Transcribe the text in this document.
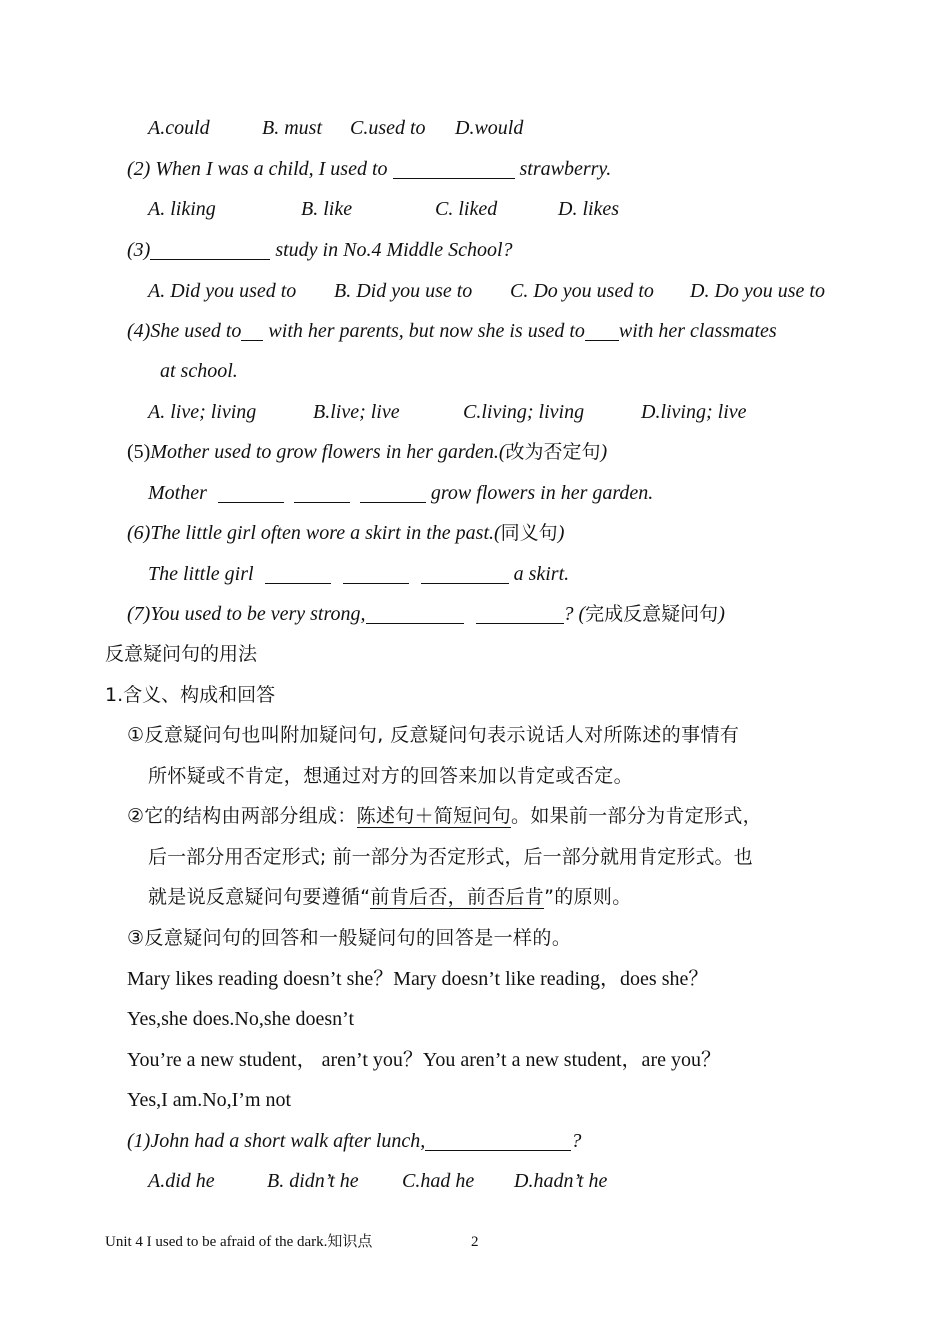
A.could	B. must C.used to D.would
(2) When I was a child, I used to	strawberry.
A. liking	B. like	C. liked	D. likes
(3)	study in No.4 Middle School?
A. Did you used to B. Did you use to C. Do you used to D. Do you use to
(4)She used to with her parents, but now she is used to with her classmates
at school.
A. live; living	B.live; live	C.living; living	D.living; live
(5)Mother used to grow flowers in her garden.(改为否定句)
Mother	grow flowers in her garden.
(6)The little girl often wore a skirt in the past.(同义句)
The little girl	a skirt.
(7)You used to be very strong,	? (完成反意疑问句)
反意疑问句的用法
1.含义、构成和回答
①反意疑问句也叫附加疑问句, 反意疑问句表示说话人对所陈述的事情有
所怀疑或不肯定，想通过对方的回答来加以肯定或否定。
②它的结构由两部分组成：陈述句＋简短问句。如果前一部分为肯定形式，
后一部分用否定形式; 前一部分为否定形式，后一部分就用肯定形式。也
就是说反意疑问句要遵循“前肯后否，前否后肯”的原则。
③反意疑问句的回答和一般疑问句的回答是一样的。
Mary likes reading doesn’t she？Mary doesn’t like reading，does she？
Yes,she does.No,she doesn’t
You’re a new student， aren’t you？You aren’t a new student，are you？
Yes,I am.No,I’m not
(1)John had a short walk after lunch,	?
A.did he	B. didn’t he C.had he D.hadn’t he
Unit 4 I used to be afraid of the dark.知识点	2
